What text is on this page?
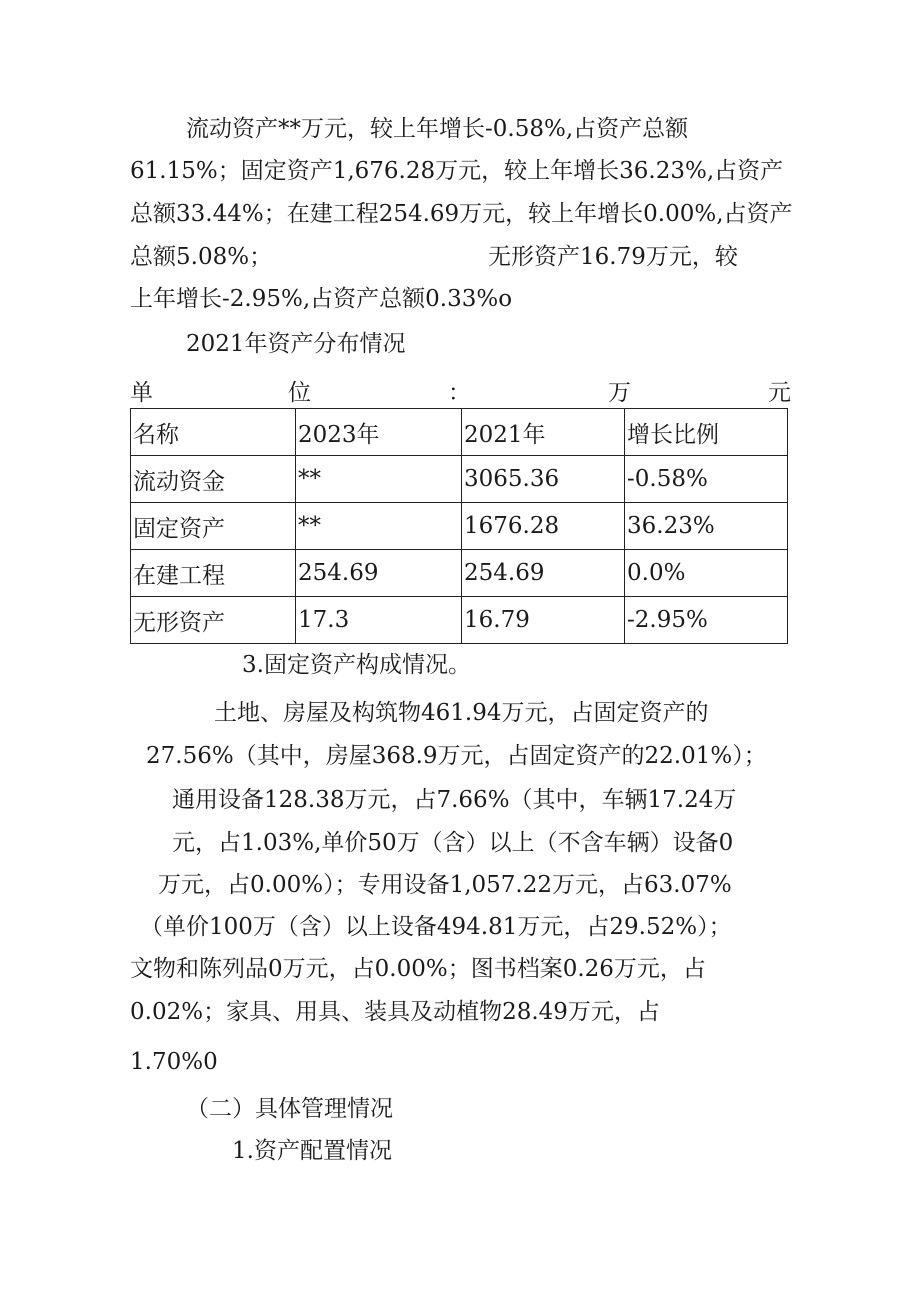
流动资产**万元，较上年增长-0.58%,占资产总额
61.15%；固定资产1,676.28万元，较上年增长36.23%,占资产
总额33.44%；在建工程254.69万元，较上年增长0.00%,占资产
总额5.08%；	无形资产16.79万元，较
上年增长-2.95%,占资产总额0.33%o
2021年资产分布情况
单	位	：	万	元
名称	2023年	2021年	增长比例
流动资金	**	3065.36	-0.58%
固定资产	**	1676.28	36.23%
在建工程	254.69	254.69	0.0%
无形资产	17.3	16.79	-2.95%
3.固定资产构成情况。
土地、房屋及构筑物461.94万元，占固定资产的
27.56%（其中，房屋368.9万元，占固定资产的22.01%）；
通用设备128.38万元，占7.66%（其中，车辆17.24万
元，占1.03%,单价50万（含）以上（不含车辆）设备0
万元，占0.00%）；专用设备1,057.22万元，占63.07%
（单价100万（含）以上设备494.81万元，占29.52%）；
文物和陈列品0万元，占0.00%；图书档案0.26万元，占
0.02%；家具、用具、装具及动植物28.49万元，占
1.70%0
（二）具体管理情况
1.资产配置情况
